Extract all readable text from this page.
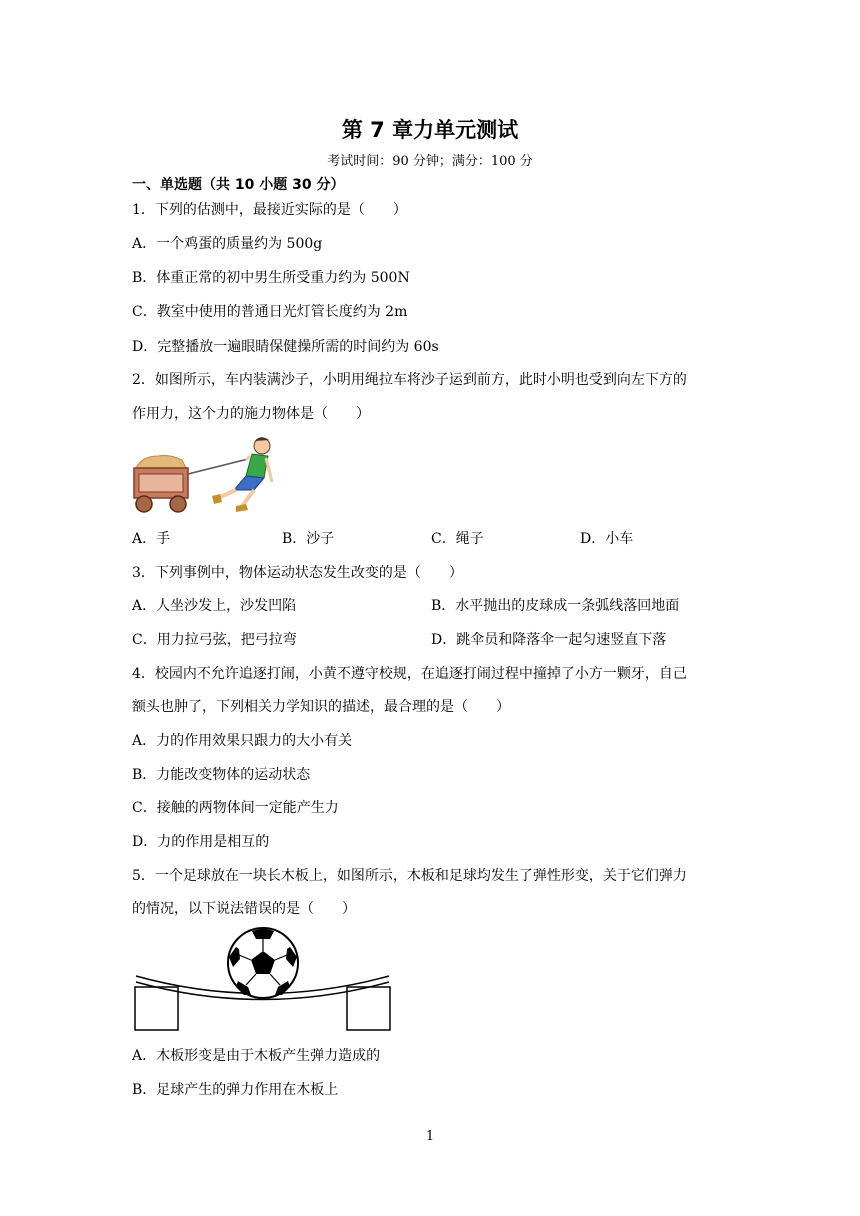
第 7 章力单元测试
考试时间：90 分钟；满分：100 分
一、单选题（共 10 小题 30 分）
1．下列的估测中，最接近实际的是（　　）
A．一个鸡蛋的质量约为 500g
B．体重正常的初中男生所受重力约为 500N
C．教室中使用的普通日光灯管长度约为 2m
D．完整播放一遍眼睛保健操所需的时间约为 60s
2．如图所示，车内装满沙子，小明用绳拉车将沙子运到前方，此时小明也受到向左下方的
作用力，这个力的施力物体是（　　）
A．手	B．沙子	C．绳子	D．小车
3．下列事例中，物体运动状态发生改变的是（　　）
A．人坐沙发上，沙发凹陷	B．水平抛出的皮球成一条弧线落回地面
C．用力拉弓弦，把弓拉弯	D．跳伞员和降落伞一起匀速竖直下落
4．校园内不允许追逐打闹，小黄不遵守校规，在追逐打闹过程中撞掉了小方一颗牙，自己
额头也肿了，下列相关力学知识的描述，最合理的是（　　）
A．力的作用效果只跟力的大小有关
B．力能改变物体的运动状态
C．接触的两物体间一定能产生力
D．力的作用是相互的
5．一个足球放在一块长木板上，如图所示，木板和足球均发生了弹性形变，关于它们弹力
的情况，以下说法错误的是（　　）
A．木板形变是由于木板产生弹力造成的
B．足球产生的弹力作用在木板上
1
